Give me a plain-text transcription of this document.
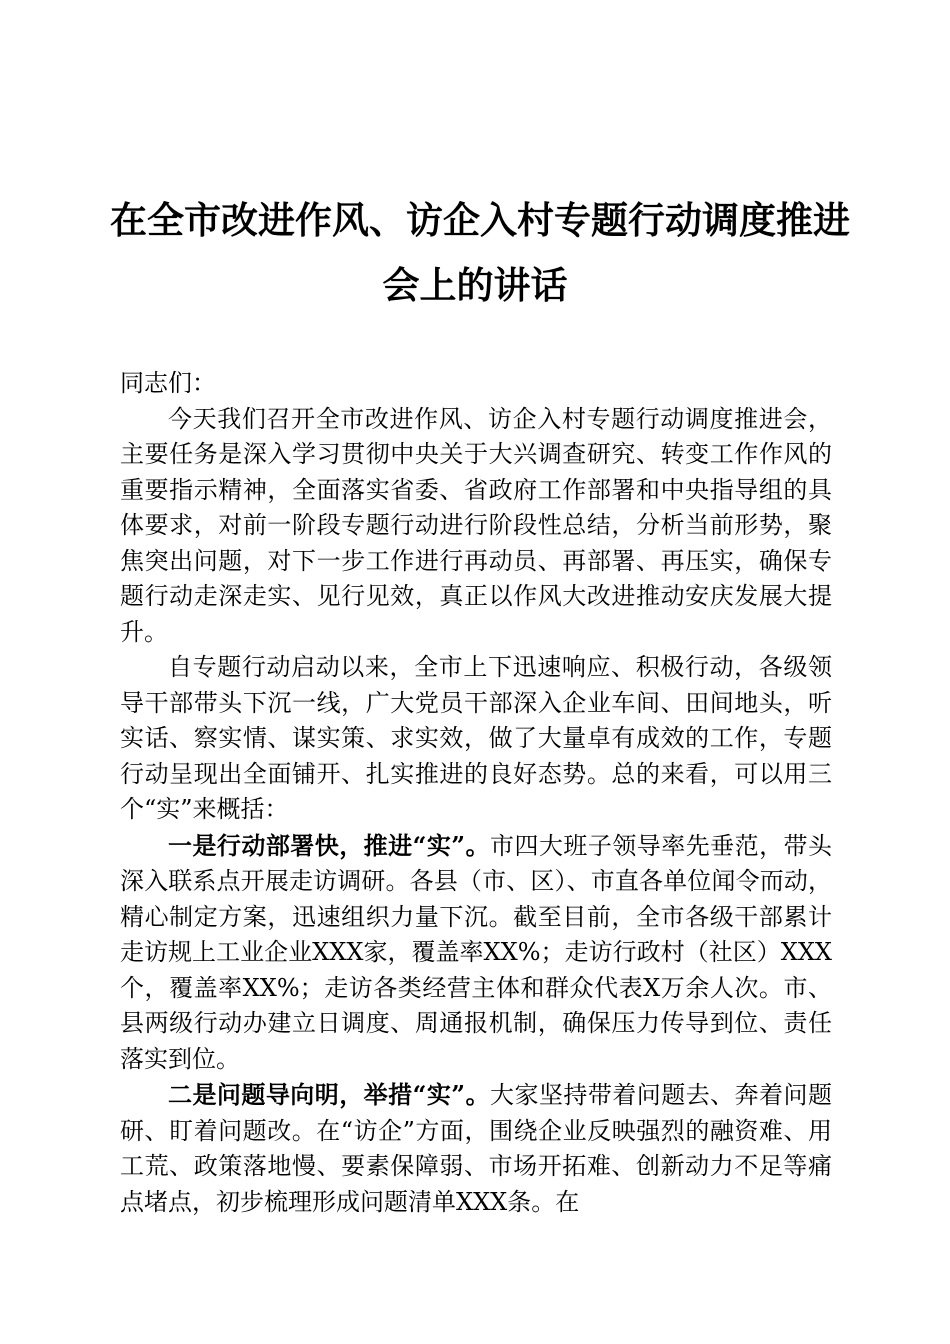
在全市改进作风、访企入村专题行动调度推进
会上的讲话

同志们：

今天我们召开全市改进作风、访企入村专题行动调度推进会，主要任务是深入学习贯彻中央关于大兴调查研究、转变工作作风的重要指示精神，全面落实省委、省政府工作部署和中央指导组的具体要求，对前一阶段专题行动进行阶段性总结，分析当前形势，聚焦突出问题，对下一步工作进行再动员、再部署、再压实，确保专题行动走深走实、见行见效，真正以作风大改进推动安庆发展大提升。

自专题行动启动以来，全市上下迅速响应、积极行动，各级领导干部带头下沉一线，广大党员干部深入企业车间、田间地头，听实话、察实情、谋实策、求实效，做了大量卓有成效的工作，专题行动呈现出全面铺开、扎实推进的良好态势。总的来看，可以用三个“实”来概括：

一是行动部署快，推进“实”。市四大班子领导率先垂范，带头深入联系点开展走访调研。各县（市、区）、市直各单位闻令而动，精心制定方案，迅速组织力量下沉。截至目前，全市各级干部累计走访规上工业企业XXX家，覆盖率XX%；走访行政村（社区）XXX个，覆盖率XX%；走访各类经营主体和群众代表X万余人次。市、县两级行动办建立日调度、周通报机制，确保压力传导到位、责任落实到位。

二是问题导向明，举措“实”。大家坚持带着问题去、奔着问题研、盯着问题改。在“访企”方面，围绕企业反映强烈的融资难、用工荒、政策落地慢、要素保障弱、市场开拓难、创新动力不足等痛点堵点，初步梳理形成问题清单XXX条。在
